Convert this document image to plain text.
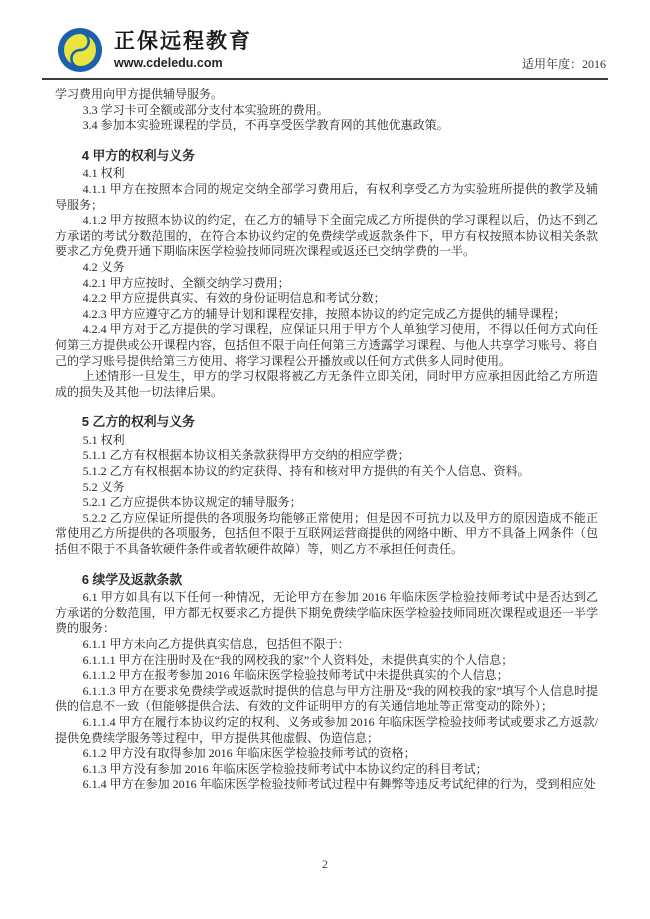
正保远程教育
www.cdeledu.com	适用年度：2016

学习费用向甲方提供辅导服务。

3.3 学习卡可全额或部分支付本实验班的费用。

3.4 参加本实验班课程的学员，不再享受医学教育网的其他优惠政策。

4 甲方的权利与义务

4.1 权利

4.1.1 甲方在按照本合同的规定交纳全部学习费用后，有权利享受乙方为实验班所提供的教学及辅导服务；

4.1.2 甲方按照本协议的约定，在乙方的辅导下全面完成乙方所提供的学习课程以后，仍达不到乙方承诺的考试分数范围的，在符合本协议约定的免费续学或返款条件下，甲方有权按照本协议相关条款要求乙方免费开通下期临床医学检验技师同班次课程或返还已交纳学费的一半。

4.2 义务

4.2.1 甲方应按时、全额交纳学习费用；

4.2.2 甲方应提供真实、有效的身份证明信息和考试分数；

4.2.3 甲方应遵守乙方的辅导计划和课程安排，按照本协议的约定完成乙方提供的辅导课程；

4.2.4 甲方对于乙方提供的学习课程，应保证只用于甲方个人单独学习使用，不得以任何方式向任何第三方提供或公开课程内容，包括但不限于向任何第三方透露学习课程、与他人共享学习账号、将自己的学习账号提供给第三方使用、将学习课程公开播放或以任何方式供多人同时使用。

上述情形一旦发生，甲方的学习权限将被乙方无条件立即关闭，同时甲方应承担因此给乙方所造成的损失及其他一切法律后果。

5 乙方的权利与义务

5.1 权利

5.1.1 乙方有权根据本协议相关条款获得甲方交纳的相应学费；

5.1.2 乙方有权根据本协议的约定获得、持有和核对甲方提供的有关个人信息、资料。

5.2 义务

5.2.1 乙方应提供本协议规定的辅导服务；

5.2.2 乙方应保证所提供的各项服务均能够正常使用；但是因不可抗力以及甲方的原因造成不能正常使用乙方所提供的各项服务，包括但不限于互联网运营商提供的网络中断、甲方不具备上网条件（包括但不限于不具备软硬件条件或者软硬件故障）等，则乙方不承担任何责任。

6 续学及返款条款

6.1 甲方如具有以下任何一种情况，无论甲方在参加 2016 年临床医学检验技师考试中是否达到乙方承诺的分数范围，甲方都无权要求乙方提供下期免费续学临床医学检验技师同班次课程或退还一半学费的服务：

6.1.1 甲方未向乙方提供真实信息，包括但不限于：

6.1.1.1 甲方在注册时及在“我的网校我的家”个人资料处，未提供真实的个人信息；

6.1.1.2 甲方在报考参加 2016 年临床医学检验技师考试中未提供真实的个人信息；

6.1.1.3 甲方在要求免费续学或返款时提供的信息与甲方注册及“我的网校我的家”填写个人信息时提供的信息不一致（但能够提供合法、有效的文件证明甲方的有关通信地址等正常变动的除外）；

6.1.1.4 甲方在履行本协议约定的权利、义务或参加 2016 年临床医学检验技师考试或要求乙方返款/提供免费续学服务等过程中，甲方提供其他虚假、伪造信息；

6.1.2 甲方没有取得参加 2016 年临床医学检验技师考试的资格；

6.1.3 甲方没有参加 2016 年临床医学检验技师考试中本协议约定的科目考试；

6.1.4 甲方在参加 2016 年临床医学检验技师考试过程中有舞弊等违反考试纪律的行为，受到相应处

2
